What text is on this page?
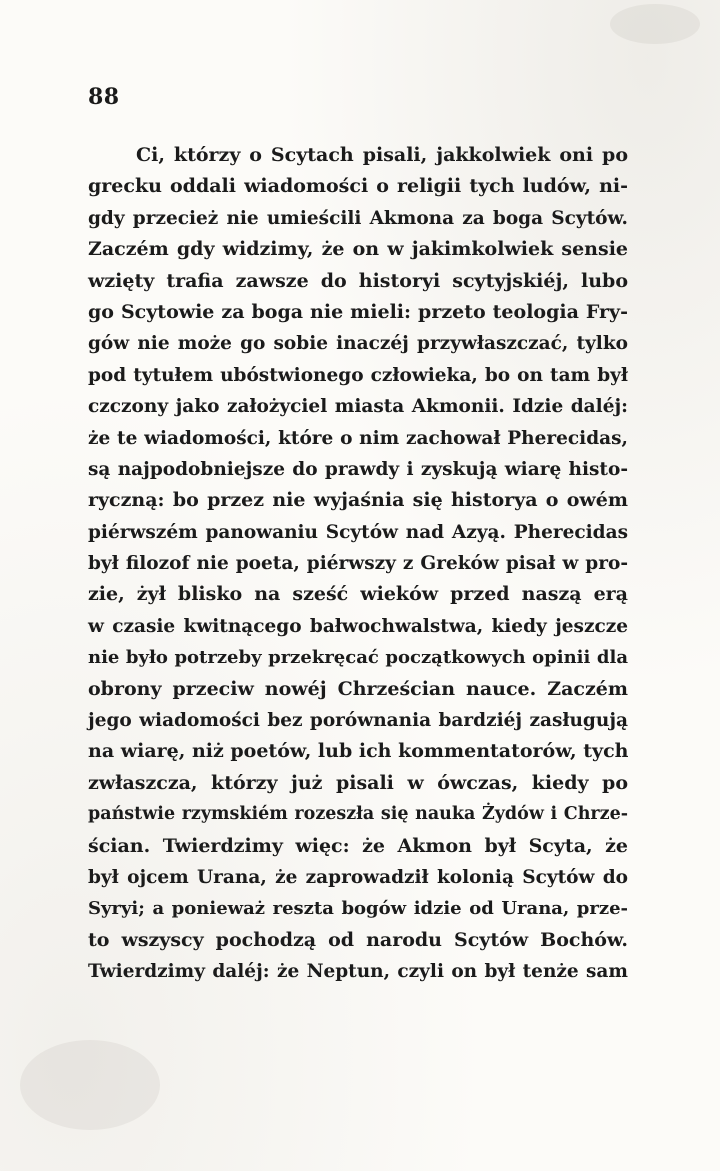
88
Ci, którzy o Scytach pisali, jakkolwiek oni po
grecku oddali wiadomości o religii tych ludów, ni-
gdy przecież nie umieścili Akmona za boga Scytów.
Zaczém gdy widzimy, że on w jakimkolwiek sensie
wzięty trafia zawsze do historyi scytyjskiéj, lubo
go Scytowie za boga nie mieli: przeto teologia Fry-
gów nie może go sobie inaczéj przywłaszczać, tylko
pod tytułem ubóstwionego człowieka, bo on tam był
czczony jako założyciel miasta Akmonii. Idzie daléj:
że te wiadomości, które o nim zachował Pherecidas,
są najpodobniejsze do prawdy i zyskują wiarę histo-
ryczną: bo przez nie wyjaśnia się historya o owém
piérwszém panowaniu Scytów nad Azyą. Pherecidas
był filozof nie poeta, piérwszy z Greków pisał w pro-
zie, żył blisko na sześć wieków przed naszą erą
w czasie kwitnącego bałwochwalstwa, kiedy jeszcze
nie było potrzeby przekręcać początkowych opinii dla
obrony przeciw nowéj Chrześcian nauce. Zaczém
jego wiadomości bez porównania bardziéj zasługują
na wiarę, niż poetów, lub ich kommentatorów, tych
zwłaszcza, którzy już pisali w ówczas, kiedy po
państwie rzymskiém rozeszła się nauka Żydów i Chrze-
ścian. Twierdzimy więc: że Akmon był Scyta, że
był ojcem Urana, że zaprowadził kolonią Scytów do
Syryi; a ponieważ reszta bogów idzie od Urana, prze-
to wszyscy pochodzą od narodu Scytów Bochów.
Twierdzimy daléj: że Neptun, czyli on był tenże sam
